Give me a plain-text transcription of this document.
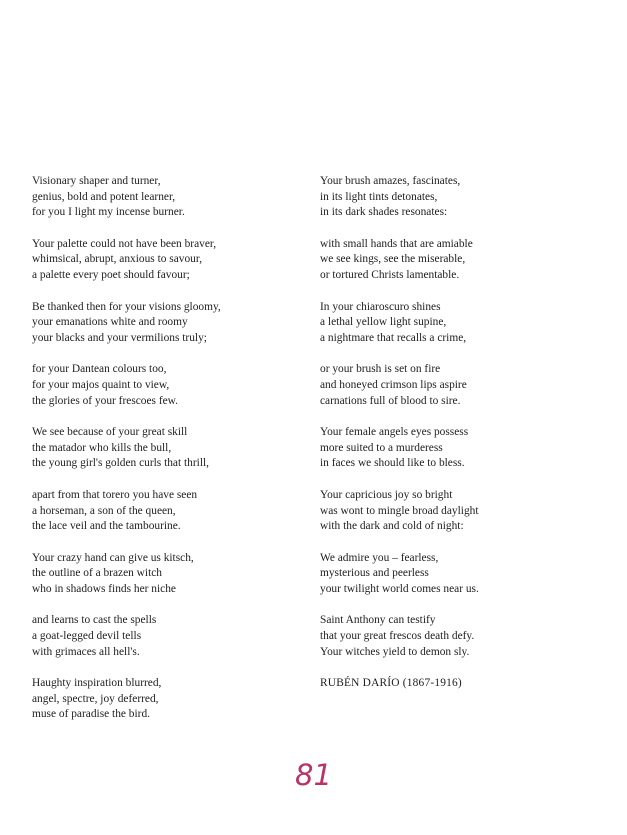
Visionary shaper and turner,
genius, bold and potent learner,
for you I light my incense burner.
Your palette could not have been braver,
whimsical, abrupt, anxious to savour,
a palette every poet should favour;
Be thanked then for your visions gloomy,
your emanations white and roomy
your blacks and your vermilions truly;
for your Dantean colours too,
for your majos quaint to view,
the glories of your frescoes few.
We see because of your great skill
the matador who kills the bull,
the young girl's golden curls that thrill,
apart from that torero you have seen
a horseman, a son of the queen,
the lace veil and the tambourine.
Your crazy hand can give us kitsch,
the outline of a brazen witch
who in shadows finds her niche
and learns to cast the spells
a goat-legged devil tells
with grimaces all hell's.
Haughty inspiration blurred,
angel, spectre, joy deferred,
muse of paradise the bird.
Your brush amazes, fascinates,
in its light tints detonates,
in its dark shades resonates:
with small hands that are amiable
we see kings, see the miserable,
or tortured Christs lamentable.
In your chiaroscuro shines
a lethal yellow light supine,
a nightmare that recalls a crime,
or your brush is set on fire
and honeyed crimson lips aspire
carnations full of blood to sire.
Your female angels eyes possess
more suited to a murderess
in faces we should like to bless.
Your capricious joy so bright
was wont to mingle broad daylight
with the dark and cold of night:
We admire you – fearless,
mysterious and peerless
your twilight world comes near us.
Saint Anthony can testify
that your great frescos death defy.
Your witches yield to demon sly.
RUBÉN DARÍO (1867-1916)
81
